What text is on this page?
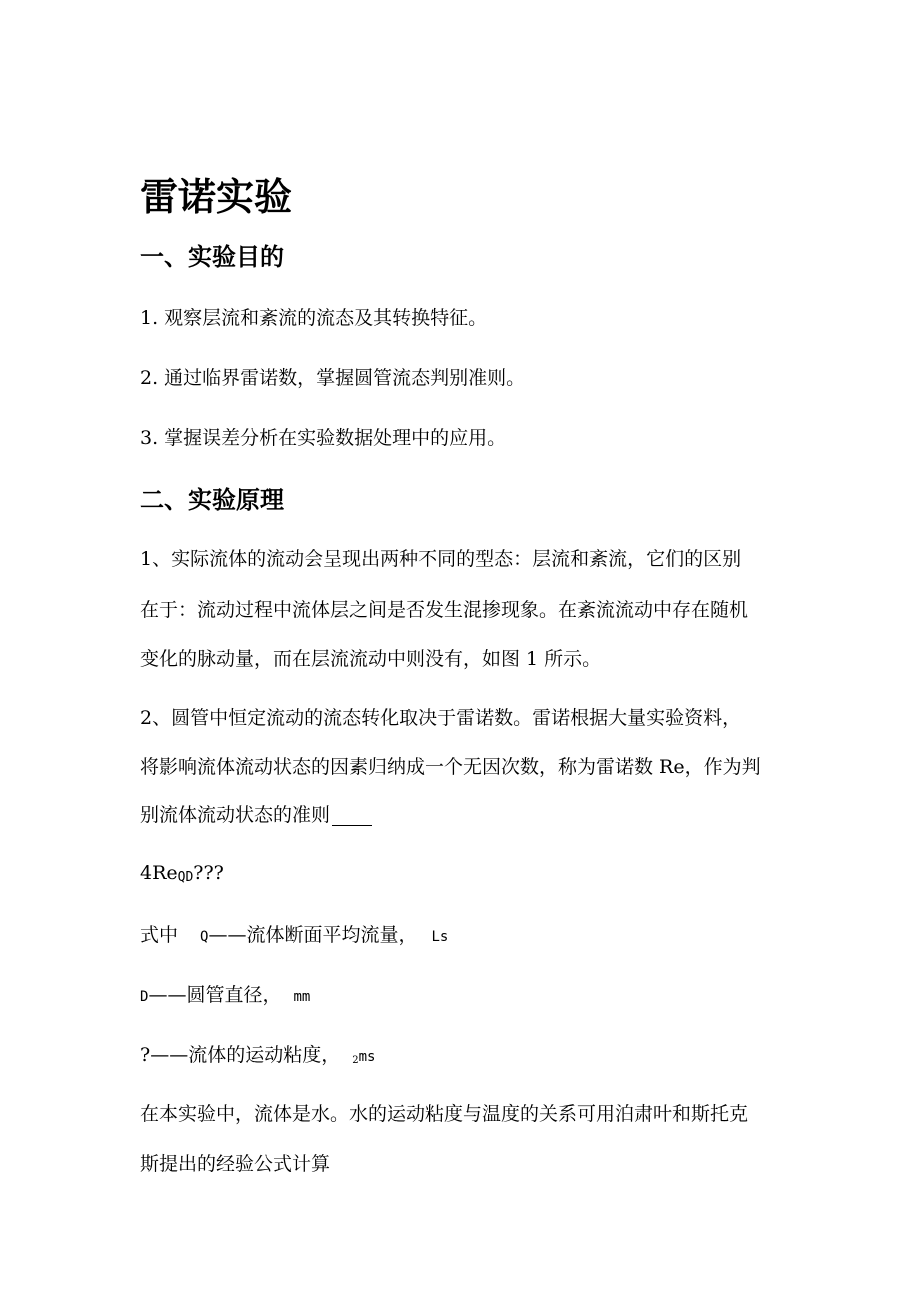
雷诺实验
一、实验目的
1. 观察层流和紊流的流态及其转换特征。
2. 通过临界雷诺数，掌握圆管流态判别准则。
3. 掌握误差分析在实验数据处理中的应用。
二、实验原理
1、实际流体的流动会呈现出两种不同的型态：层流和紊流，它们的区别
在于：流动过程中流体层之间是否发生混掺现象。在紊流流动中存在随机
变化的脉动量，而在层流流动中则没有，如图 1 所示。
2、圆管中恒定流动的流态转化取决于雷诺数。雷诺根据大量实验资料，
将影响流体流动状态的因素归纳成一个无因次数，称为雷诺数 Re，作为判
别流体流动状态的准则
4ReQD???
式中 Q——流体断面平均流量， Ls
D——圆管直径， mm
?——流体的运动粘度， 2ms
在本实验中，流体是水。水的运动粘度与温度的关系可用泊肃叶和斯托克
斯提出的经验公式计算
